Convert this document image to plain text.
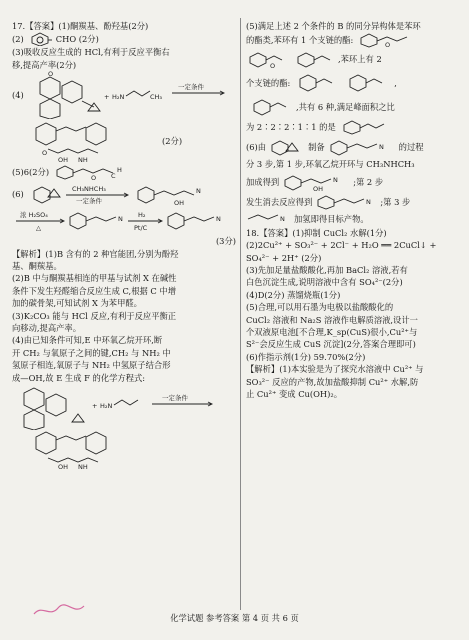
17.【答案】(1)酮羰基、酚羟基(2分)

(2)	CHO (2分)

(3)吸收反应生成的 HCl,有利于反应平衡右

移,提高产率(2分)

(4)
O
+ H₂N	CH₃
一定条件
O
OH NH
(2分)
(5)6(2分)
O C
H
(6)	CH₃NHCH₃
一定条件	OH
N
浓 H₂SO₄
△
N H₂
Pt/C
N

(3分)

【解析】(1)B 含有的 2 种官能团,分别为酚羟

基、酮羰基。

(2)B 中与酮羰基相连的甲基与试剂 X 在碱性

条件下发生羟醛缩合反应生成 C,根据 C 中增

加的碳骨架,可知试剂 X 为苯甲醛。

(3)K₂CO₃ 能与 HCl 反应,有利于反应平衡正

向移动,提高产率。

(4)由已知条件可知,E 中环氧乙烷开环,断

开 CH₂ 与氧原子之间的键,CH₂ 与 NH₂ 中

氢原子相连,氧原子与 NH₂ 中氢原子结合形

成—OH,故 E 生成 F 的化学方程式:

+ H₂N
一定条件
OH NH

(5)满足上述 2 个条件的 B 的同分异构体是苯环

的酯类,苯环有 1 个支链的酯:
O
O
,苯环上有 2
个支链的酯:	,
,共有 6 种,满足峰面积之比
为 2∶2∶2∶1∶1 的是
(6)由	制备	N 的过程

分 3 步,第 1 步,环氧乙烷开环与 CH₃NHCH₃

加成得到
OH
N ;第 2 步
发生消去反应得到	N ;第 3 步
N 加氢即得目标产物。

18.【答案】(1)抑制 CuCl₂ 水解(1分)

(2)2Cu²⁺ + SO₃²⁻ + 2Cl⁻ + H₂O ══ 2CuCl↓ +

SO₄²⁻ + 2H⁺ (2分)

(3)先加足量盐酸酸化,再加 BaCl₂ 溶液,若有

白色沉淀生成,说明溶液中含有 SO₄²⁻(2分)

(4)D(2分) 蒸馏烧瓶(1分)

(5)合理,可以用石墨为电极以盐酸酸化的

CuCl₂ 溶液和 Na₂S 溶液作电解质溶液,设计一

个双液原电池[不合理,K_sp(CuS)很小,Cu²⁺与

S²⁻会反应生成 CuS 沉淀](2分,答案合理即可)

(6)作指示剂(1分) 59.70%(2分)

【解析】(1)本实验是为了探究水溶液中 Cu²⁺ 与

SO₃²⁻ 反应的产物,故加盐酸抑制 Cu²⁺ 水解,防

止 Cu²⁺ 变成 Cu(OH)₂。

化学试题 参考答案 第 4 页 共 6 页
